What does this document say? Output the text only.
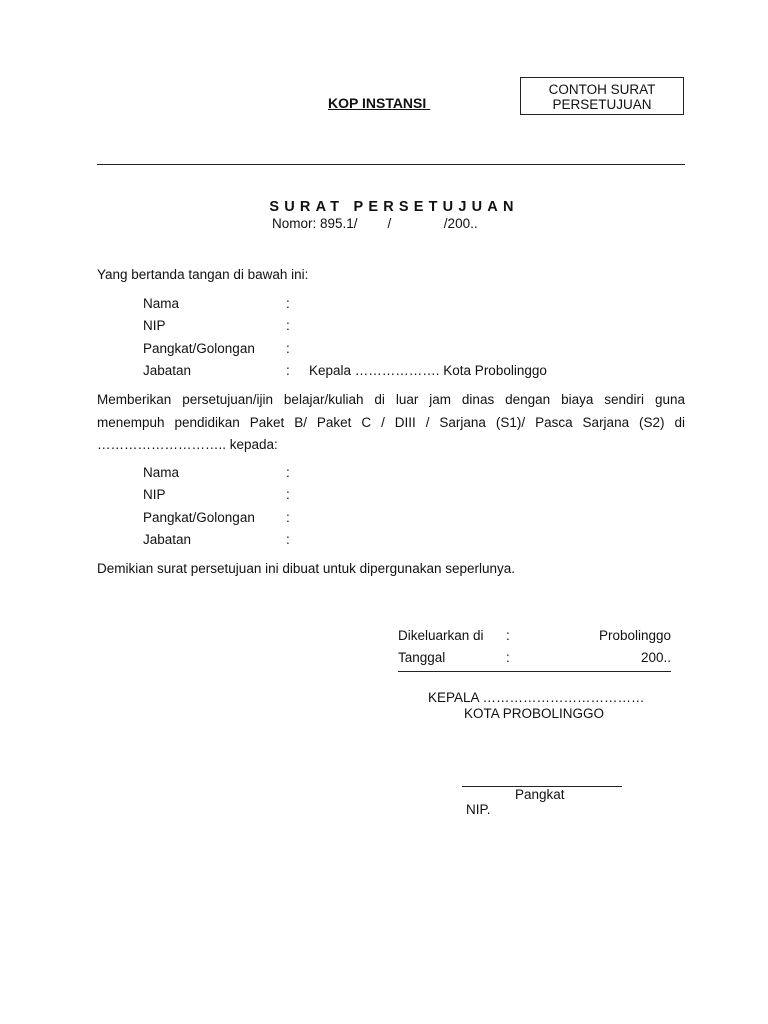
CONTOH SURAT
PERSETUJUAN
KOP INSTANSI
SURAT PERSETUJUAN
Nomor: 895.1/        /              /200..
Yang bertanda tangan di bawah ini:
Nama	:
NIP	:
Pangkat/Golongan :
Jabatan	: Kepala ………………. Kota Probolinggo
Memberikan persetujuan/ijin belajar/kuliah di luar jam dinas dengan biaya sendiri guna
menempuh pendidikan Paket B/ Paket C / DIII / Sarjana (S1)/ Pasca Sarjana (S2) di
……………………….. kepada:
Nama	:
NIP	:
Pangkat/Golongan :
Jabatan	:
Demikian surat persetujuan ini dibuat untuk dipergunakan seperlunya.
Dikeluarkan di :	Probolinggo
Tanggal	:	200..
KEPALA ………………………………
KOTA PROBOLINGGO
Pangkat
NIP.
